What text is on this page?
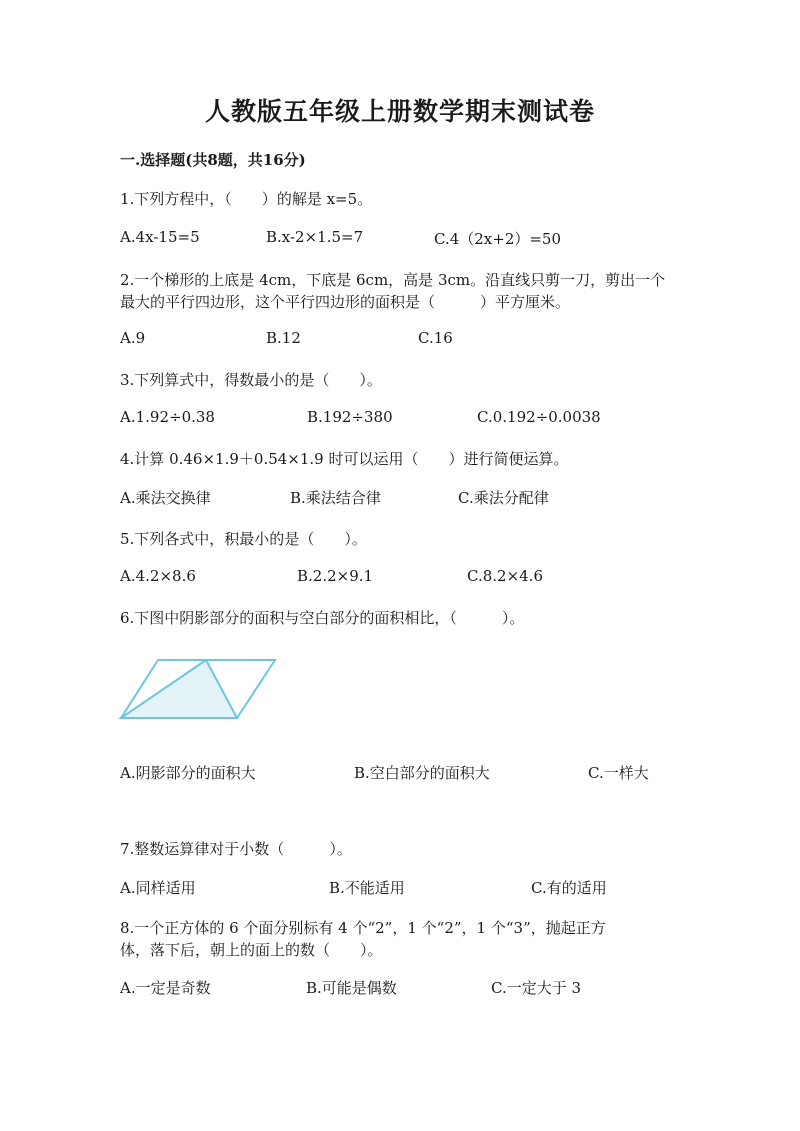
人教版五年级上册数学期末测试卷
一.选择题(共8题，共16分)
1.下列方程中，（　　）的解是 x=5。
A.4x-15=5	B.x-2×1.5=7	C.4（2x+2）=50
2.一个梯形的上底是 4cm，下底是 6cm，高是 3cm。沿直线只剪一刀，剪出一个
最大的平行四边形，这个平行四边形的面积是（　　　）平方厘米。
A.9	B.12	C.16
3.下列算式中，得数最小的是（　　）。
A.1.92÷0.38	B.192÷380	C.0.192÷0.0038
4.计算 0.46×1.9＋0.54×1.9 时可以运用（　　）进行简便运算。
A.乘法交换律	B.乘法结合律	C.乘法分配律
5.下列各式中，积最小的是（　　）。
A.4.2×8.6	B.2.2×9.1	C.8.2×4.6
6.下图中阴影部分的面积与空白部分的面积相比，（　　　）。
A.阴影部分的面积大	B.空白部分的面积大	C.一样大
7.整数运算律对于小数（　　　）。
A.同样适用	B.不能适用	C.有的适用
8.一个正方体的 6 个面分别标有 4 个“2”，1 个“2”，1 个“3”，抛起正方
体，落下后，朝上的面上的数（　　）。
A.一定是奇数	B.可能是偶数	C.一定大于 3
